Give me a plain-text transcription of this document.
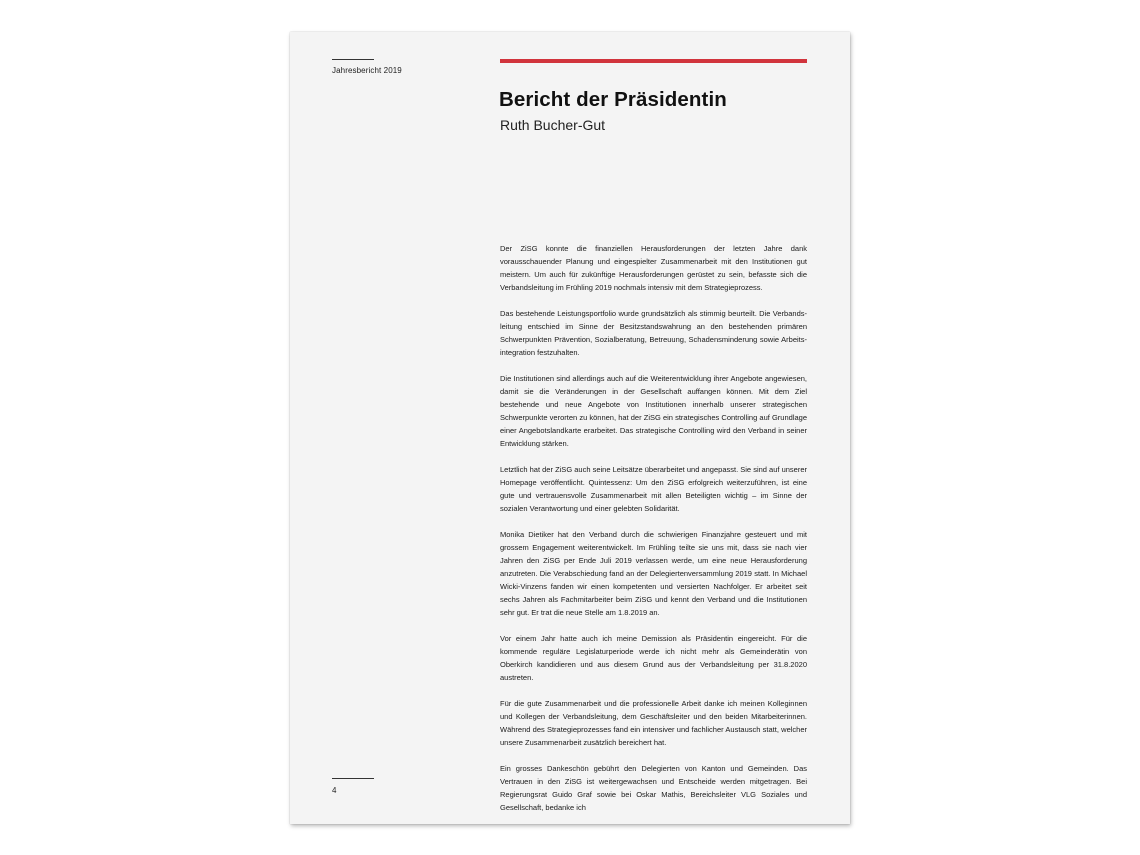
Jahresbericht 2019
Bericht der Präsidentin
Ruth Bucher-Gut

Der ZiSG konnte die finanziellen Herausforderungen der letzten Jahre dank vorausschauender Planung und eingespielter Zusammenarbeit mit den Institutionen gut meistern. Um auch für zukünftige Herausforderungen gerüstet zu sein, befasste sich die Verbandsleitung im Frühling 2019 nochmals intensiv mit dem Strategieprozess.

Das bestehende Leistungsportfolio wurde grundsätzlich als stimmig beurteilt. Die Verbandsleitung entschied im Sinne der Besitzstandswahrung an den bestehenden primären Schwerpunkten Prävention, Sozialberatung, Betreuung, Schadensminderung sowie Arbeitsintegration festzuhalten.

Die Institutionen sind allerdings auch auf die Weiterentwicklung ihrer Angebote angewiesen, damit sie die Veränderungen in der Gesellschaft auffangen können. Mit dem Ziel bestehende und neue Angebote von Institutionen innerhalb unserer strategischen Schwerpunkte verorten zu können, hat der ZiSG ein strategisches Controlling auf Grundlage einer Angebotslandkarte erarbeitet. Das strategische Controlling wird den Verband in seiner Entwicklung stärken.

Letztlich hat der ZiSG auch seine Leitsätze überarbeitet und angepasst. Sie sind auf unserer Homepage veröffentlicht. Quintessenz: Um den ZiSG erfolgreich weiterzuführen, ist eine gute und vertrauensvolle Zusammenarbeit mit allen Beteiligten wichtig – im Sinne der sozialen Verantwortung und einer gelebten Solidarität.

Monika Dietiker hat den Verband durch die schwierigen Finanzjahre gesteuert und mit grossem Engagement weiterentwickelt. Im Frühling teilte sie uns mit, dass sie nach vier Jahren den ZiSG per Ende Juli 2019 verlassen werde, um eine neue Herausforderung anzutreten. Die Verabschiedung fand an der Delegiertenversammlung 2019 statt. In Michael Wicki-Vinzens fanden wir einen kompetenten und versierten Nachfolger. Er arbeitet seit sechs Jahren als Fachmitarbeiter beim ZiSG und kennt den Verband und die Institutionen sehr gut. Er trat die neue Stelle am 1.8.2019 an.

Vor einem Jahr hatte auch ich meine Demission als Präsidentin eingereicht. Für die kommende reguläre Legislaturperiode werde ich nicht mehr als Gemeinderätin von Oberkirch kandidieren und aus diesem Grund aus der Verbandsleitung per 31.8.2020 austreten.

Für die gute Zusammenarbeit und die professionelle Arbeit danke ich meinen Kolleginnen und Kollegen der Verbandsleitung, dem Geschäftsleiter und den beiden Mitarbeiterinnen. Während des Strategieprozesses fand ein intensiver und fachlicher Austausch statt, welcher unsere Zusammenarbeit zusätzlich bereichert hat.

Ein grosses Dankeschön gebührt den Delegierten von Kanton und Gemeinden. Das Vertrauen in den ZiSG ist weitergewachsen und Entscheide werden mitgetragen. Bei Regierungsrat Guido Graf sowie bei Oskar Mathis, Bereichsleiter VLG Soziales und Gesellschaft, bedanke ich

4
